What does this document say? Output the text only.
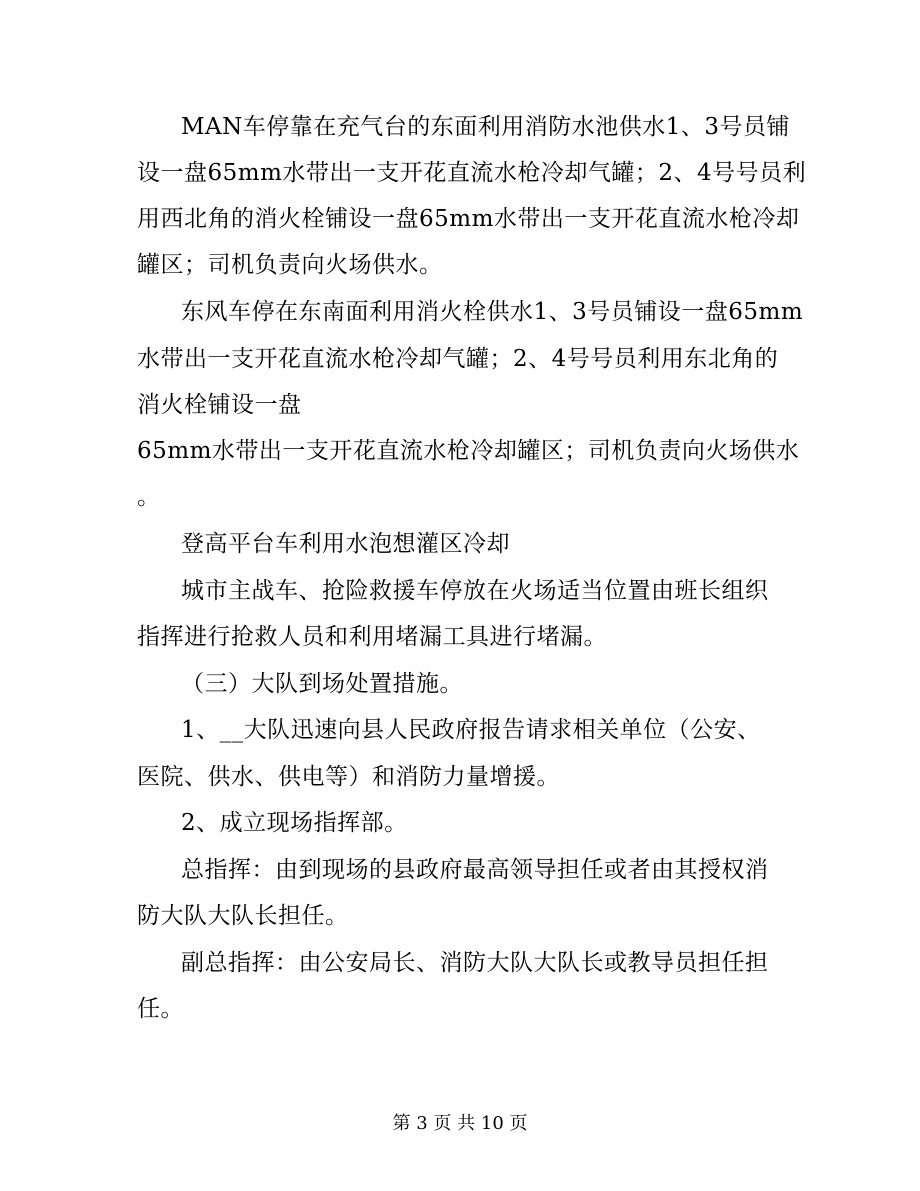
MAN车停靠在充气台的东面利用消防水池供水1、3号员铺
设一盘65mm水带出一支开花直流水枪冷却气罐；2、4号号员利
用西北角的消火栓铺设一盘65mm水带出一支开花直流水枪冷却
罐区；司机负责向火场供水。
东风车停在东南面利用消火栓供水1、3号员铺设一盘65mm
水带出一支开花直流水枪冷却气罐；2、4号号员利用东北角的
消火栓铺设一盘
65mm水带出一支开花直流水枪冷却罐区；司机负责向火场供水
。
登高平台车利用水泡想灌区冷却
城市主战车、抢险救援车停放在火场适当位置由班长组织
指挥进行抢救人员和利用堵漏工具进行堵漏。
（三）大队到场处置措施。
1、__大队迅速向县人民政府报告请求相关单位（公安、
医院、供水、供电等）和消防力量增援。
2、成立现场指挥部。
总指挥：由到现场的县政府最高领导担任或者由其授权消
防大队大队长担任。
副总指挥：由公安局长、消防大队大队长或教导员担任担
任。
第 3 页 共 10 页
